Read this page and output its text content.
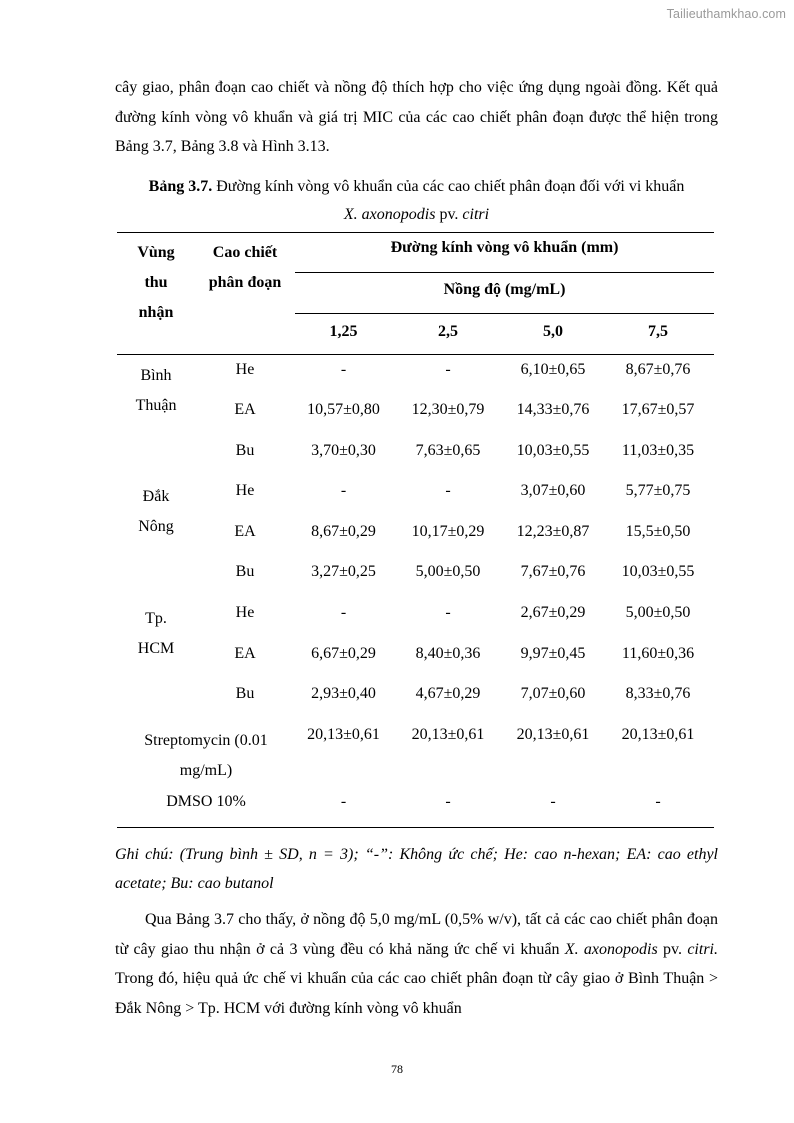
Tailieuthamkhao.com

cây giao, phân đoạn cao chiết và nồng độ thích hợp cho việc ứng dụng ngoài đồng. Kết quả đường kính vòng vô khuẩn và giá trị MIC của các cao chiết phân đoạn được thể hiện trong Bảng 3.7, Bảng 3.8 và Hình 3.13.

Bảng 3.7. Đường kính vòng vô khuẩn của các cao chiết phân đoạn đối với vi khuẩn
X. axonopodis pv. citri

Vùng thu nhận	Cao chiết phân đoạn	Đường kính vòng vô khuẩn (mm)			
		Nồng độ (mg/mL)			
		1,25	2,5	5,0	7,5

Bình Thuận	He	-	-	6,10±0,65	8,67±0,76
	EA	10,57±0,80	12,30±0,79	14,33±0,76	17,67±0,57
	Bu	3,70±0,30	7,63±0,65	10,03±0,55	11,03±0,35

Đắk Nông	He	-	-	3,07±0,60	5,77±0,75
	EA	8,67±0,29	10,17±0,29	12,23±0,87	15,5±0,50
	Bu	3,27±0,25	5,00±0,50	7,67±0,76	10,03±0,55

Tp. HCM	He	-	-	2,67±0,29	5,00±0,50
	EA	6,67±0,29	8,40±0,36	9,97±0,45	11,60±0,36
	Bu	2,93±0,40	4,67±0,29	7,07±0,60	8,33±0,76

Streptomycin (0.01 mg/mL)		20,13±0,61	20,13±0,61	20,13±0,61	20,13±0,61
DMSO 10%		-	-	-	-

Ghi chú: (Trung bình ± SD, n = 3); “-”: Không ức chế; He: cao n-hexan; EA: cao ethyl acetate; Bu: cao butanol

Qua Bảng 3.7 cho thấy, ở nồng độ 5,0 mg/mL (0,5% w/v), tất cả các cao chiết phân đoạn từ cây giao thu nhận ở cả 3 vùng đều có khả năng ức chế vi khuẩn X. axonopodis pv. citri. Trong đó, hiệu quả ức chế vi khuẩn của các cao chiết phân đoạn từ cây giao ở Bình Thuận > Đắk Nông > Tp. HCM với đường kính vòng vô khuẩn

78
